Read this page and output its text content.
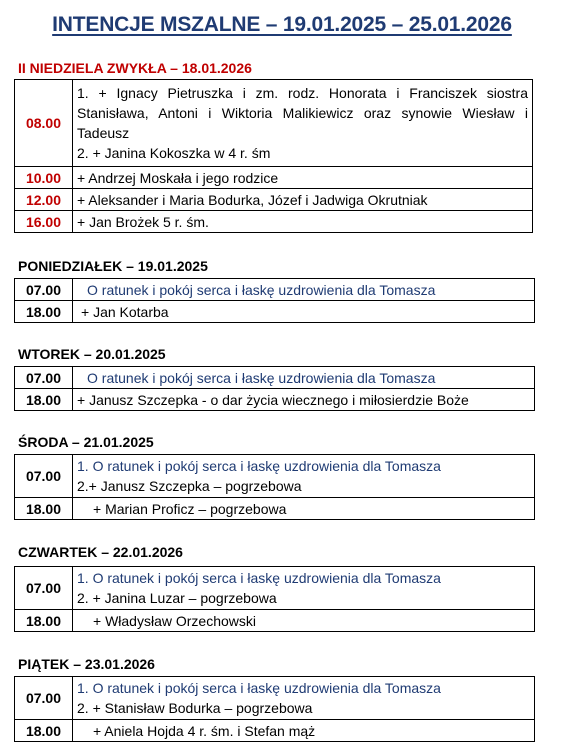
INTENCJE MSZALNE – 19.01.2025 – 25.01.2026
II NIEDZIELA ZWYKŁA – 18.01.2026
08.00	1. + Ignacy Pietruszka i zm. rodz. Honorata i Franciszek siostra Stanisława, Antoni i Wiktoria Malikiewicz oraz synowie Wiesław i Tadeusz

2. + Janina Kokoszka w 4 r. śm

10.00	+ Andrzej Moskała i jego rodzice
12.00	+ Aleksander i Maria Bodurka, Józef i Jadwiga Okrutniak
16.00	+ Jan Brożek 5 r. śm.
PONIEDZIAŁEK – 19.01.2025
07.00	O ratunek i pokój serca i łaskę uzdrowienia dla Tomasza
18.00	+ Jan Kotarba
WTOREK – 20.01.2025
07.00	O ratunek i pokój serca i łaskę uzdrowienia dla Tomasza
18.00	+ Janusz Szczepka - o dar życia wiecznego i miłosierdzie Boże
ŚRODA – 21.01.2025
07.00	1. O ratunek i pokój serca i łaskę uzdrowienia dla Tomasza
2.+ Janusz Szczepka – pogrzebowa

18.00	+ Marian Proficz – pogrzebowa
CZWARTEK – 22.01.2026
07.00	1. O ratunek i pokój serca i łaskę uzdrowienia dla Tomasza
2. + Janina Luzar – pogrzebowa

18.00	+ Władysław Orzechowski
PIĄTEK – 23.01.2026
07.00	1. O ratunek i pokój serca i łaskę uzdrowienia dla Tomasza
2. + Stanisław Bodurka – pogrzebowa

18.00	+ Aniela Hojda 4 r. śm. i Stefan mąż
